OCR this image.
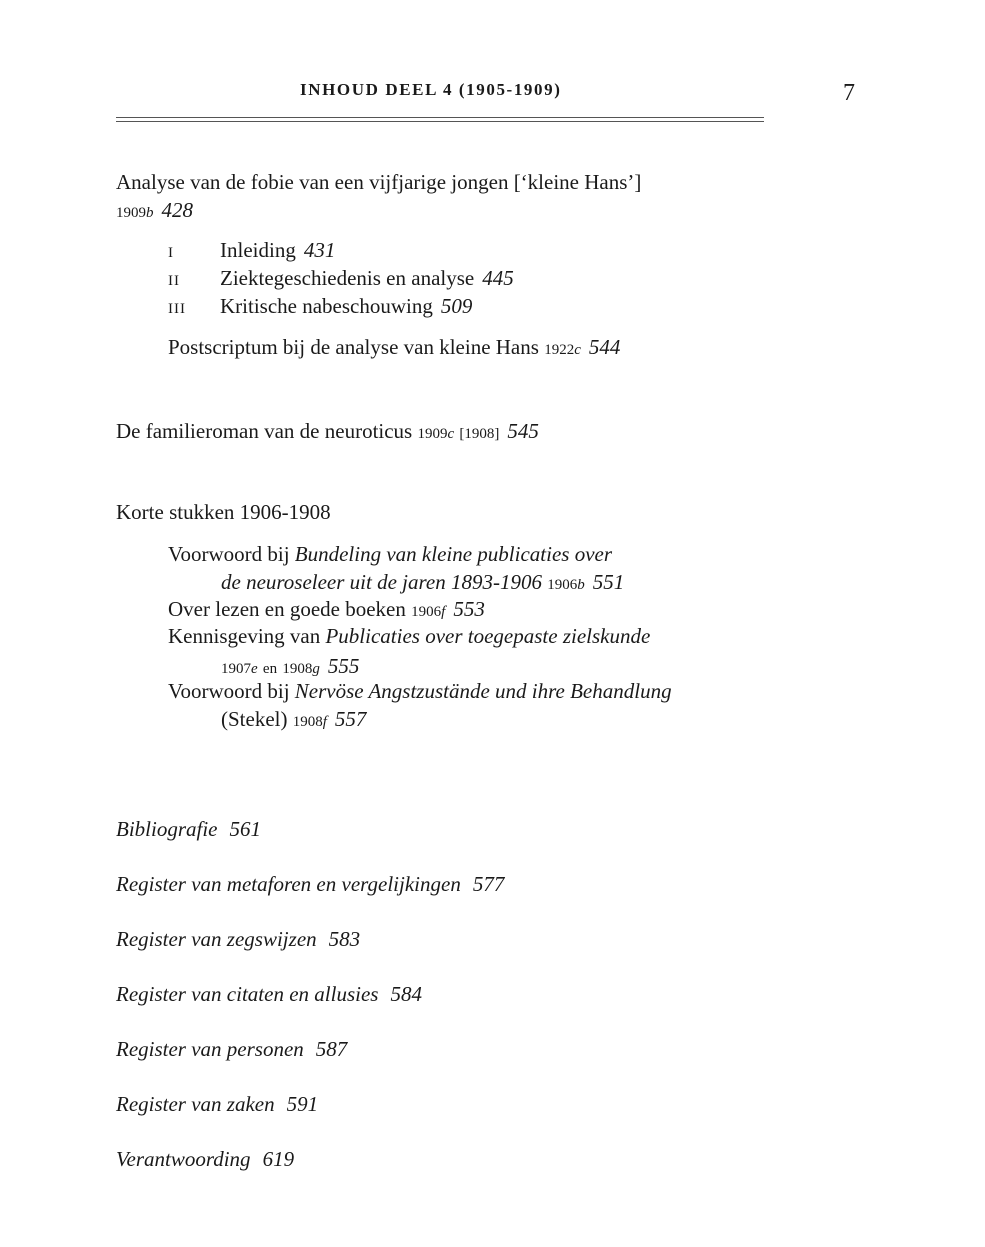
INHOUD DEEL 4 (1905-1909)	7
Analyse van de fobie van een vijfjarige jongen [‘kleine Hans’]
1909b 428
I Inleiding 431
II Ziektegeschiedenis en analyse 445
III Kritische nabeschouwing 509
Postscriptum bij de analyse van kleine Hans 1922c 544
De familieroman van de neuroticus 1909c [1908] 545
Korte stukken 1906-1908
Voorwoord bij Bundeling van kleine publicaties over
de neuroseleer uit de jaren 1893-1906 1906b 551
Over lezen en goede boeken 1906f 553
Kennisgeving van Publicaties over toegepaste zielskunde
1907e en 1908g 555
Voorwoord bij Nervöse Angstzustände und ihre Behandlung
(Stekel) 1908f 557
Bibliografie 561
Register van metaforen en vergelijkingen 577
Register van zegswijzen 583
Register van citaten en allusies 584
Register van personen 587
Register van zaken 591
Verantwoording 619
